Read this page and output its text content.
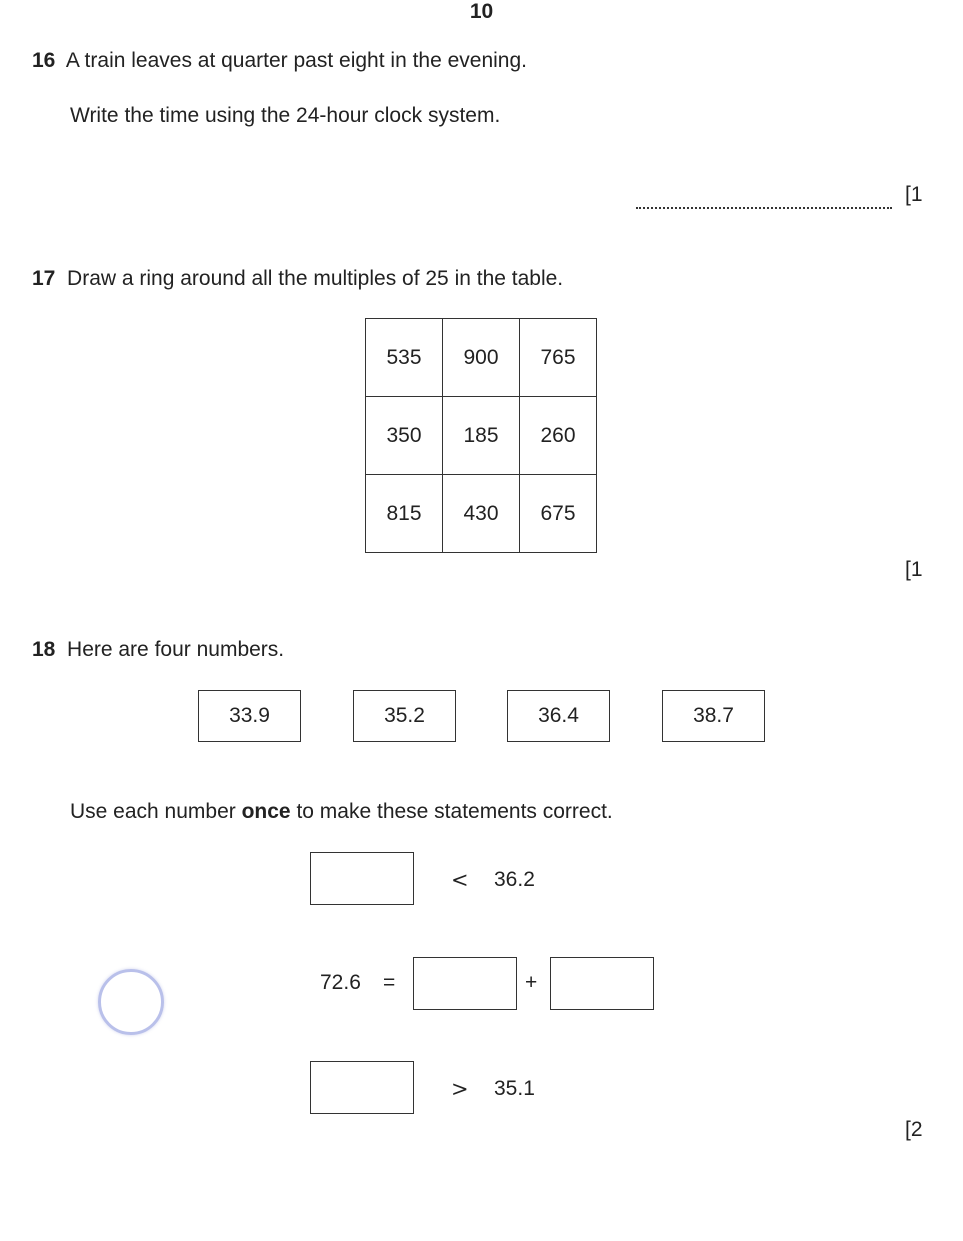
10
16 A train leaves at quarter past eight in the evening.
Write the time using the 24-hour clock system.
[1
17 Draw a ring around all the multiples of 25 in the table.
535	900	765
350	185	260
815	430	675
[1
18 Here are four numbers.
33.9	35.2	36.4	38.7
Use each number once to make these statements correct.
< 36.2
72.6 =	+
> 35.1
[2
